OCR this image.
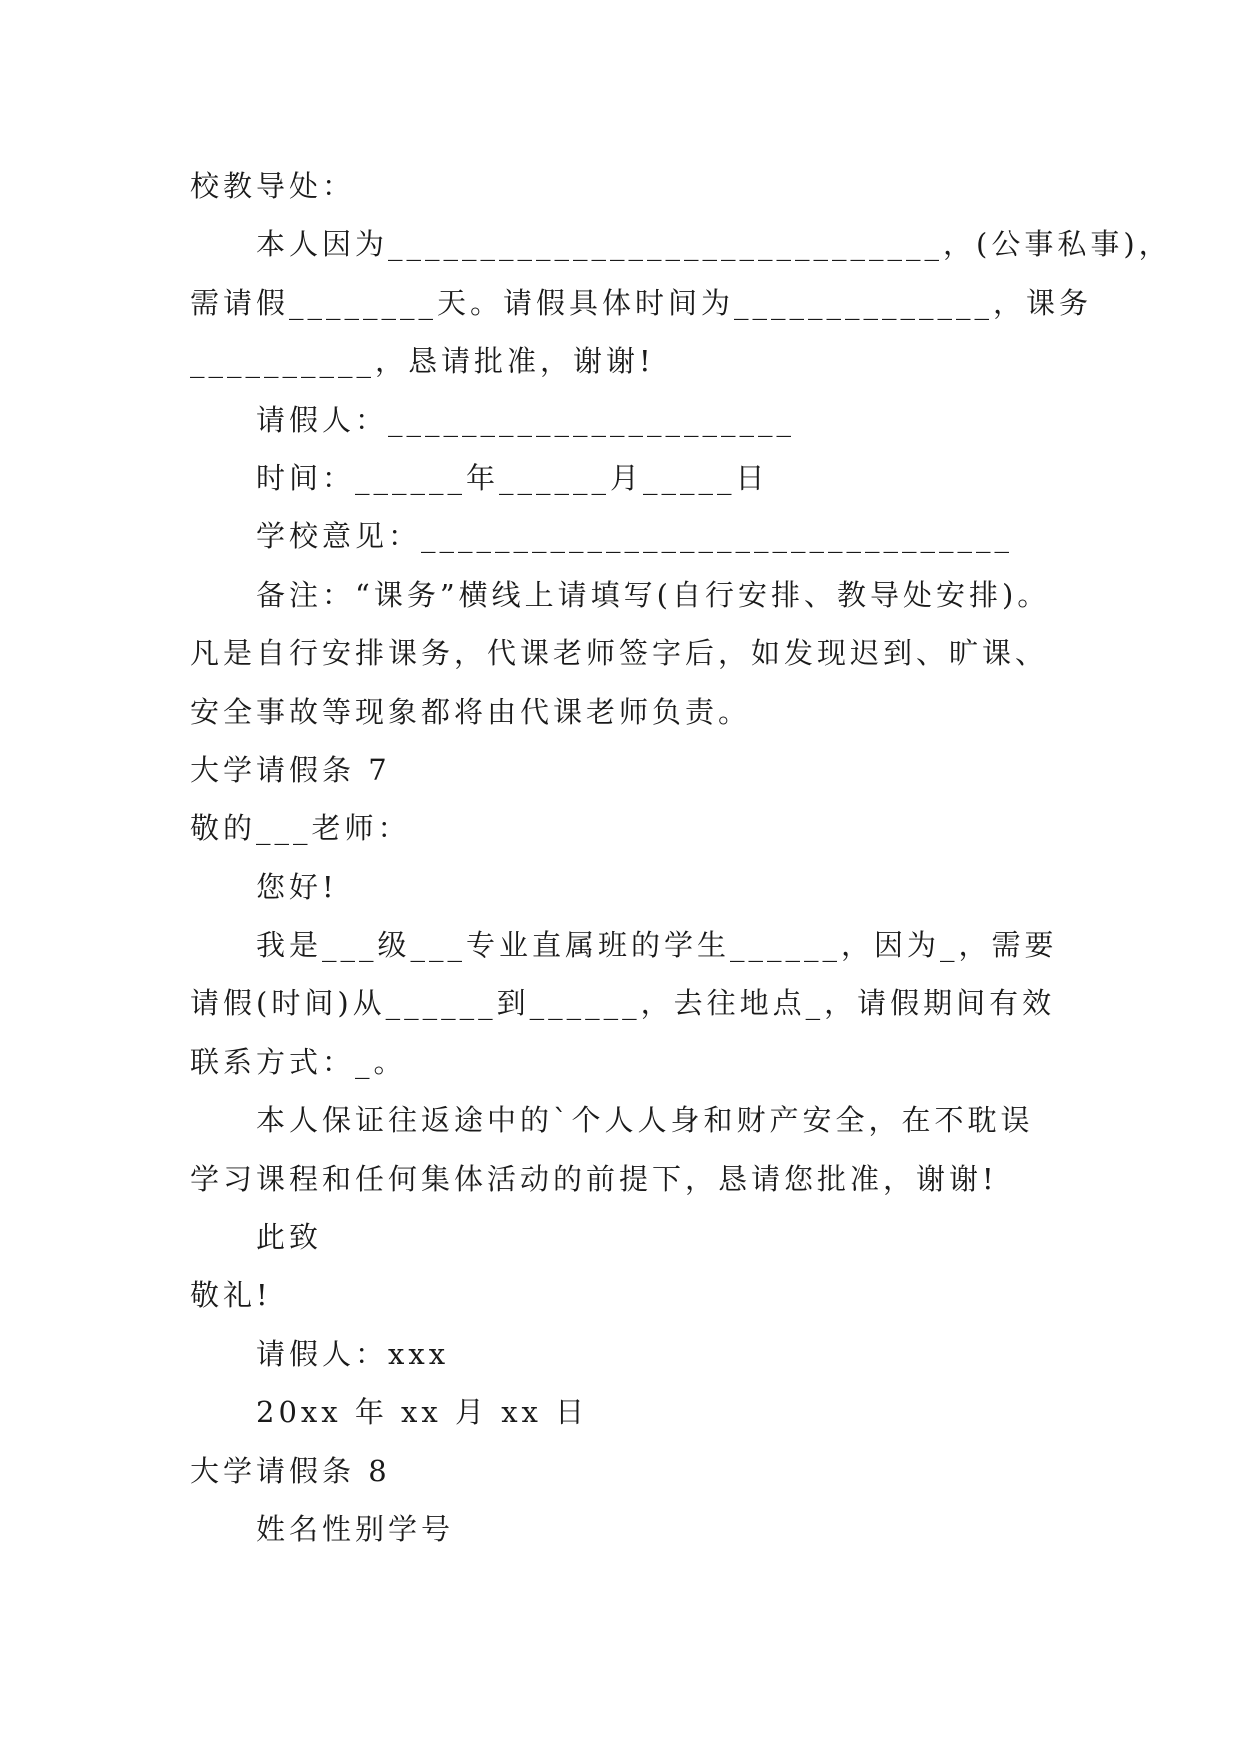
校教导处：
本人因为______________________________，(公事私事)，
需请假________天。请假具体时间为______________，课务
__________，恳请批准，谢谢!
请假人：______________________
时间：______年______月_____日
学校意见：________________________________
备注：“课务”横线上请填写(自行安排、教导处安排)。
凡是自行安排课务，代课老师签字后，如发现迟到、旷课、
安全事故等现象都将由代课老师负责。
大学请假条 7
敬的___老师：
您好!
我是___级___专业直属班的学生______，因为_，需要
请假(时间)从______到______，去往地点_，请假期间有效
联系方式：_。
本人保证往返途中的`个人人身和财产安全，在不耽误
学习课程和任何集体活动的前提下，恳请您批准，谢谢!
此致
敬礼!
请假人：xxx
20xx 年 xx 月 xx 日
大学请假条 8
姓名性别学号
